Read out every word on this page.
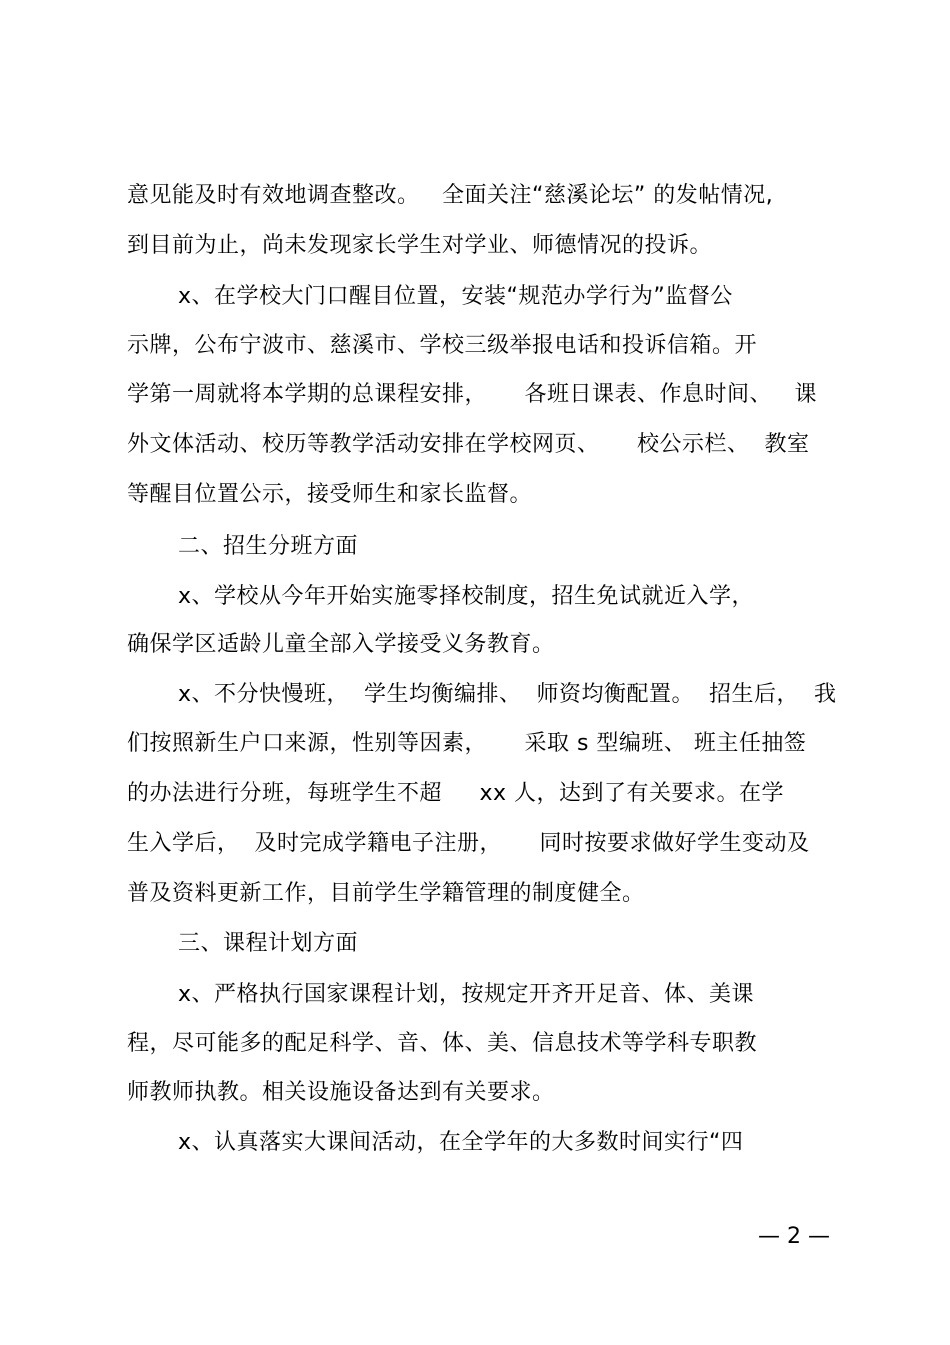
意见能及时有效地调查整改。   全面关注“慈溪论坛” 的发帖情况,
到目前为止，尚未发现家长学生对学业、师德情况的投诉。
x、在学校大门口醒目位置，安装“规范办学行为”监督公
示牌，公布宁波市、慈溪市、学校三级举报电话和投诉信箱。开
学第一周就将本学期的总课程安排，     各班日课表、作息时间、   课
外文体活动、校历等教学活动安排在学校网页、     校公示栏、  教室
等醒目位置公示，接受师生和家长监督。
二、招生分班方面
x、学校从今年开始实施零择校制度，招生免试就近入学，
确保学区适龄儿童全部入学接受义务教育。
x、不分快慢班，  学生均衡编排、  师资均衡配置。  招生后，  我
们按照新生户口来源，性别等因素，     采取 s 型编班、 班主任抽签
的办法进行分班，每班学生不超     xx 人，达到了有关要求。在学
生入学后，  及时完成学籍电子注册，     同时按要求做好学生变动及
普及资料更新工作，目前学生学籍管理的制度健全。
三、课程计划方面
x、严格执行国家课程计划，按规定开齐开足音、体、美课
程，尽可能多的配足科学、音、体、美、信息技术等学科专职教
师教师执教。相关设施设备达到有关要求。
x、认真落实大课间活动，在全学年的大多数时间实行“四
— 2 —
